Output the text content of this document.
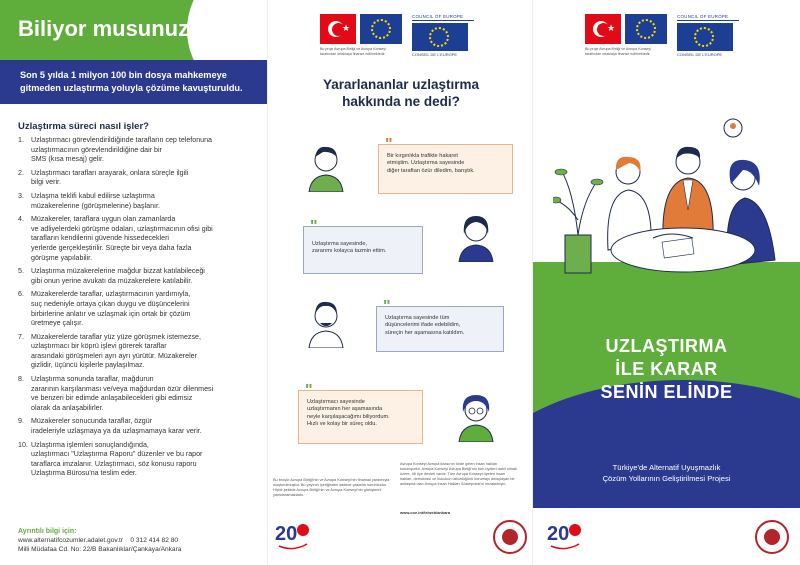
Biliyor musunuz?
Son 5 yılda 1 milyon 100 bin dosya mahkemeye
gitmeden uzlaştırma yoluyla çözüme kavuşturuldu.
Uzlaştırma süreci nasıl işler?
1. Uzlaştırmacı görevlendirildiğinde tarafların cep telefonuna
uzlaştırmacının görevlendirildiğine dair bir
SMS (kısa mesaj) gelir.
2. Uzlaştırmacı tarafları arayarak, onlara süreçle ilgili
bilgi verir.
3. Uzlaşma teklifi kabul edilirse uzlaştırma
müzakerelerine (görüşmelerine) başlanır.
4. Müzakereler, taraflara uygun olan zamanlarda
ve adliyelerdeki görüşme odaları, uzlaştırmacının ofisi gibi
tarafların kendilerini güvende hissedecekleri
yerlerde gerçekleştirilir. Süreçte bir veya daha fazla
görüşme yapılabilir.
5. Uzlaştırma müzakerelerine mağdur bizzat katılabileceği
gibi onun yerine avukatı da müzakerelere katılabilir.
6. Müzakerelerde taraflar, uzlaştırmacının yardımıyla,
suç nedeniyle ortaya çıkan duygu ve düşüncelerini
birbirlerine anlatır ve uzlaşmak için ortak bir çözüm
üretmeye çalışır.
7. Müzakerelerde taraflar yüz yüze görüşmek istemezse,
uzlaştırmacı bir köprü işlevi görerek taraflar
arasındaki görüşmeleri ayrı ayrı yürütür. Müzakereler
gizlidir, üçüncü kişilerle paylaşılmaz.
8. Uzlaştırma sonunda taraflar, mağdurun
zararının karşılanması ve/veya mağdurdan özür dilenmesi
ve benzeri bir edimde anlaşabilecekleri gibi edimsiz
olarak da anlaşabilirler.
9. Müzakereler sonucunda taraflar, özgür
iradeleriyle uzlaşmaya ya da uzlaşmamaya karar verir.
10. Uzlaştırma işlemleri sonuçlandığında,
uzlaştırmacı "Uzlaştırma Raporu" düzenler ve bu rapor
taraflarca imzalanır. Uzlaştırmacı, söz konusu raporu
Uzlaştırma Bürosu'na teslim eder.
Ayrıntılı bilgi için:
www.alternatifcozumler.adalet.gov.tr 0 312 414 82 80
Milli Müdafaa Cd. No: 22/B Bakanlıklar/Çankaya/Ankara
★
Bu proje Avrupa Birliği ve Avrupa Konseyi tarafından ortaklaşa finanse edilmektedir.
COUNCIL OF EUROPE
CONSEIL DE L'EUROPE
Yararlananlar uzlaştırma
hakkında ne dedi?
"
Bir kırgınlıkla trafikte hakaret
etmiştim. Uzlaştırma sayesinde
diğer taraftan özür diledim, barıştık.
"
Uzlaştırma sayesinde,
zararımı kolayca tazmin ettim.
"
Uzlaştırma sayesinde tüm
düşüncelerimi ifade edebildim,
süreçin her aşamasına katıldım.
"
Uzlaştırmacı sayesinde
uzlaştırmanın her aşamasında
neyle karşılaşacağımı biliyordum.
Hızlı ve kolay bir süreç oldu.
Bu broşür Avrupa Birliği'nin ve Avrupa Konseyi'nin finansal yardımıyla oluşturulmuştur. Bu yayının içeriğinden sadece yazarlar sorumludur. Hiçbir şekilde Avrupa Birliği'nin ve Avrupa Konseyi'nin görüşlerini yansıtmamaktadır.
Avrupa Konseyi Avrupa kıtasının önde gelen insan hakları kuruluşudur. Avrupa Konseyi Avrupa Birliği'nin tüm üyeleri dahil olmak üzere, 46 üye devleti vardır. Tüm Avrupa Konseyi üyeleri insan hakları, demokrasi ve hukukun üstünlüğünü korumayı amaçlayan bir antlaşma olan Avrupa İnsan Hakları Sözleşmesi'ni imzalamıştır.
www.coe.int/tr/web/ankara
20
★
Bu proje Avrupa Birliği ve Avrupa Konseyi tarafından ortaklaşa finanse edilmektedir.
COUNCIL OF EUROPE
CONSEIL DE L'EUROPE
UZLAŞTIRMA
İLE KARAR
SENİN ELİNDE
Türkiye'de Alternatif Uyuşmazlık
Çözüm Yollarının Geliştirilmesi Projesi
20
